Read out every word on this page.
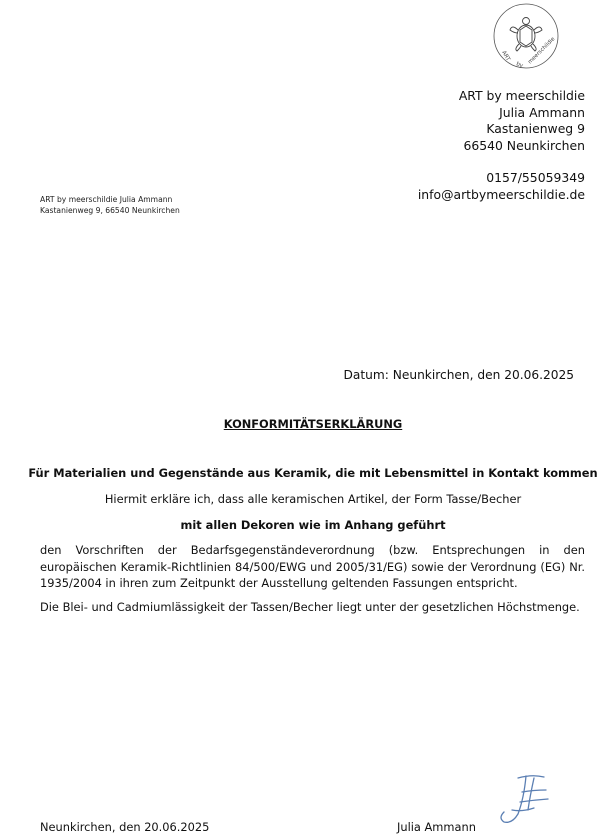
ART
by meerschildie
ART by meerschildie
Julia Ammann
Kastanienweg 9
66540 Neunkirchen
0157/55059349
info@artbymeerschildie.de
ART by meerschildie Julia Ammann
Kastanienweg 9, 66540 Neunkirchen
Datum: Neunkirchen, den 20.06.2025
KONFORMITÄTSERKLÄRUNG
Für Materialien und Gegenstände aus Keramik, die mit Lebensmittel in Kontakt kommen
Hiermit erkläre ich, dass alle keramischen Artikel, der Form Tasse/Becher
mit allen Dekoren wie im Anhang geführt
den Vorschriften der Bedarfsgegenständeverordnung (bzw. Entsprechungen in den europäischen Keramik-Richtlinien 84/500/EWG und 2005/31/EG) sowie der Verordnung (EG) Nr. 1935/2004 in ihren zum Zeitpunkt der Ausstellung geltenden Fassungen entspricht.
Die Blei- und Cadmiumlässigkeit der Tassen/Becher liegt unter der gesetzlichen Höchstmenge.
Neunkirchen, den 20.06.2025	Julia Ammann
